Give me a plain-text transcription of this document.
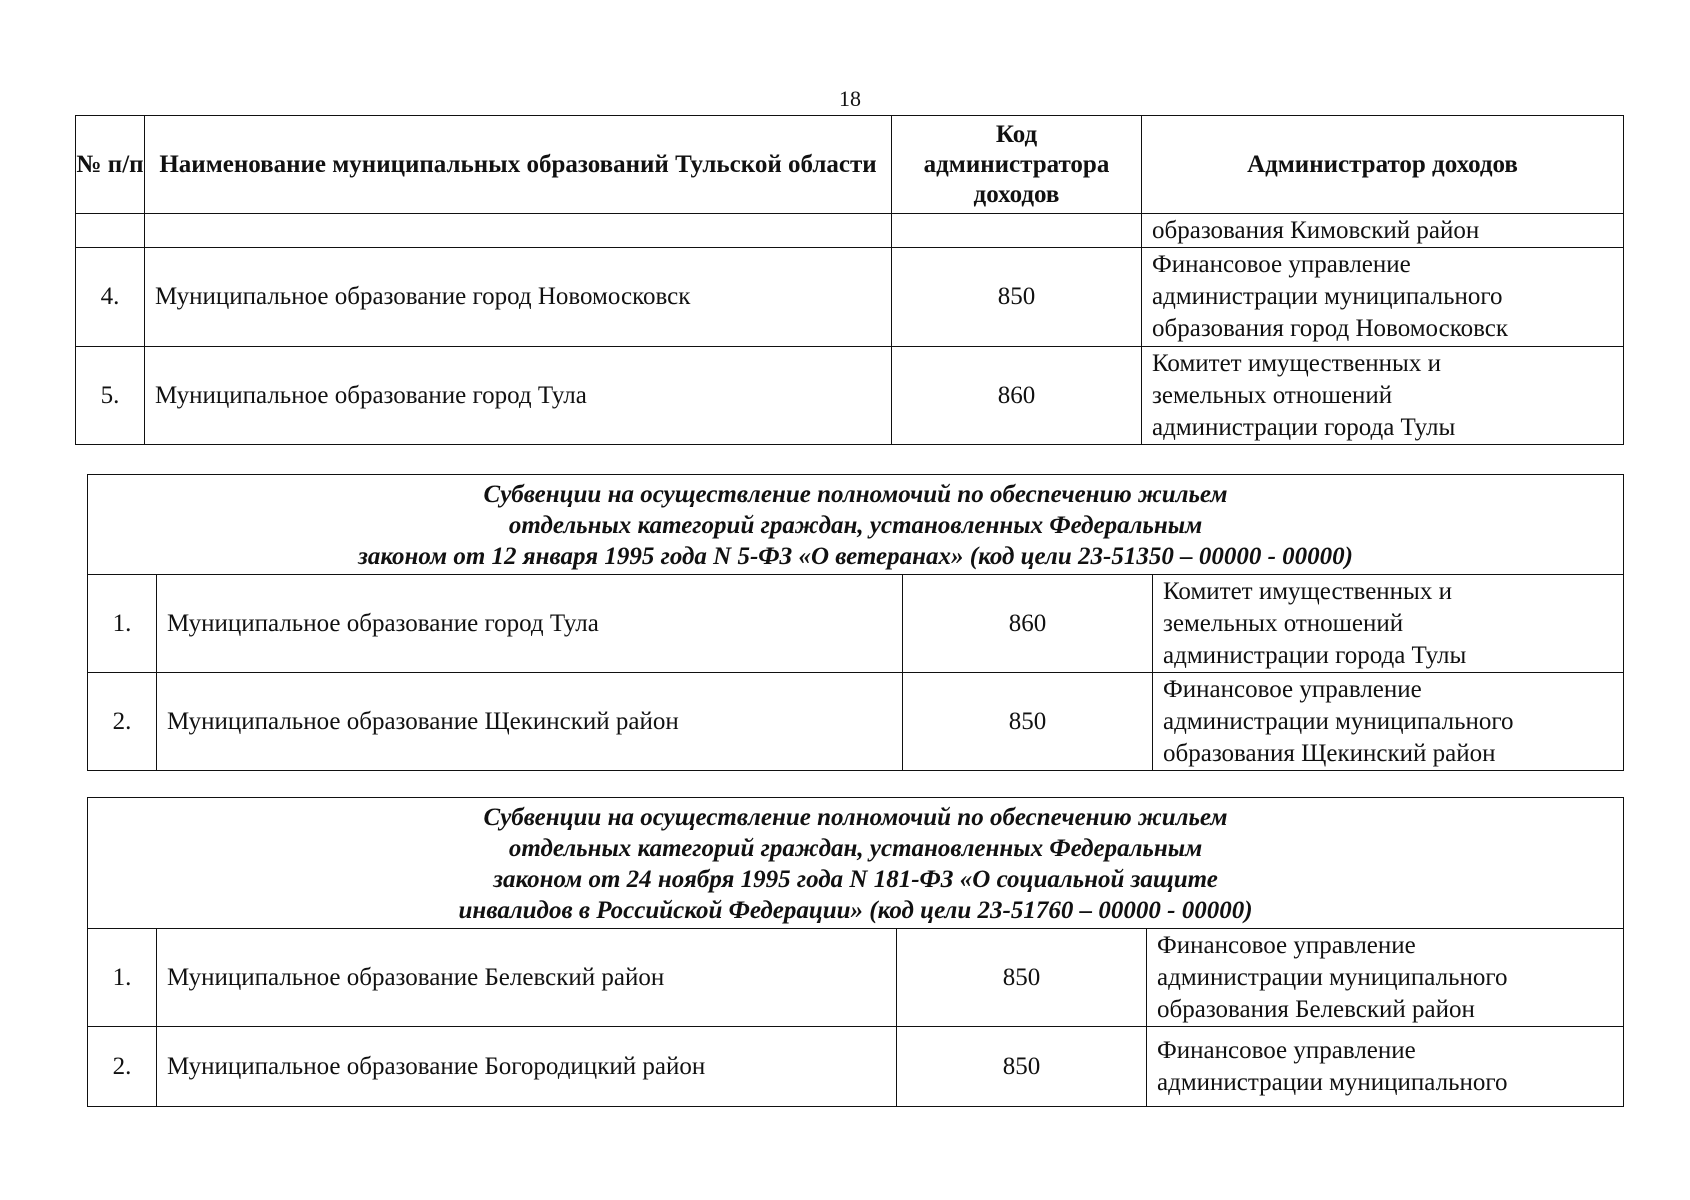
18
№ п/п	Наименование муниципальных образований Тульской области	Код администратора доходов	Администратор доходов
			образования Кимовский район
4.	Муниципальное образование город Новомосковск	850	Финансовое управление
администрации муниципального
образования город Новомосковск

5.	Муниципальное образование город Тула	860	Комитет имущественных и
земельных отношений
администрации города Тулы
Субвенции на осуществление полномочий по обеспечению жильем
отдельных категорий граждан, установленных Федеральным
законом от 12 января 1995 года N 5-ФЗ «О ветеранах» (код цели 23-51350 – 00000 - 00000)			

1.	Муниципальное образование город Тула	860	Комитет имущественных и
земельных отношений
администрации города Тулы

2.	Муниципальное образование Щекинский район	850	Финансовое управление
администрации муниципального
образования Щекинский район
Субвенции на осуществление полномочий по обеспечению жильем
отдельных категорий граждан, установленных Федеральным
законом от 24 ноября 1995 года N 181-ФЗ «О социальной защите
инвалидов в Российской Федерации» (код цели 23-51760 – 00000 - 00000)			

1.	Муниципальное образование Белевский район	850	Финансовое управление
администрации муниципального
образования Белевский район

2.	Муниципальное образование Богородицкий район	850	Финансовое управление
администрации муниципального
